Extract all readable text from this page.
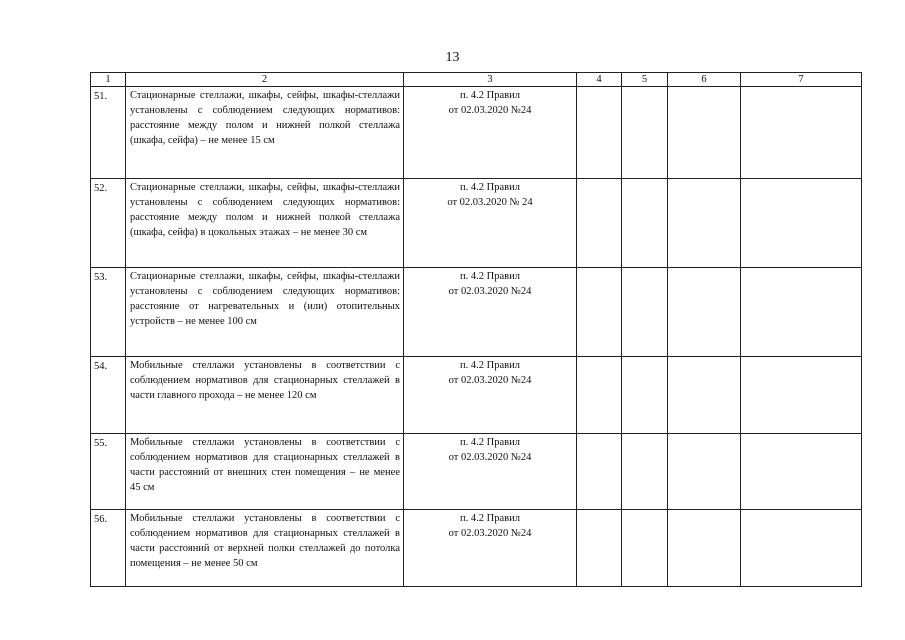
13
1	2	3	4	5	6	7
51.	Стационарные стеллажи, шкафы, сейфы, шкафы-стеллажи установлены с соблюдением следующих нормативов: расстояние между полом и нижней полкой стеллажа (шкафа, сейфа) – не менее 15 см	п. 4.2 Правил
от 02.03.2020 №24				

52.	Стационарные стеллажи, шкафы, сейфы, шкафы-стеллажи установлены с соблюдением следующих нормативов: расстояние между полом и нижней полкой стеллажа (шкафа, сейфа) в цокольных этажах – не менее 30 см	п. 4.2 Правил
от 02.03.2020 № 24				

53.	Стационарные стеллажи, шкафы, сейфы, шкафы-стеллажи установлены с соблюдением следующих нормативов: расстояние от нагревательных и (или) отопительных устройств – не менее 100 см	п. 4.2 Правил
от 02.03.2020 №24				

54.	Мобильные стеллажи установлены в соответствии с соблюдением нормативов для стационарных стеллажей в части главного прохода – не менее 120 см	п. 4.2 Правил
от 02.03.2020 №24				

55.	Мобильные стеллажи установлены в соответствии с соблюдением нормативов для стационарных стеллажей в части расстояний от внешних стен помещения – не менее 45 см	п. 4.2 Правил
от 02.03.2020 №24				

56.	Мобильные стеллажи установлены в соответствии с соблюдением нормативов для стационарных стеллажей в части расстояний от верхней полки стеллажей до потолка помещения – не менее 50 см	п. 4.2 Правил
от 02.03.2020 №24				
